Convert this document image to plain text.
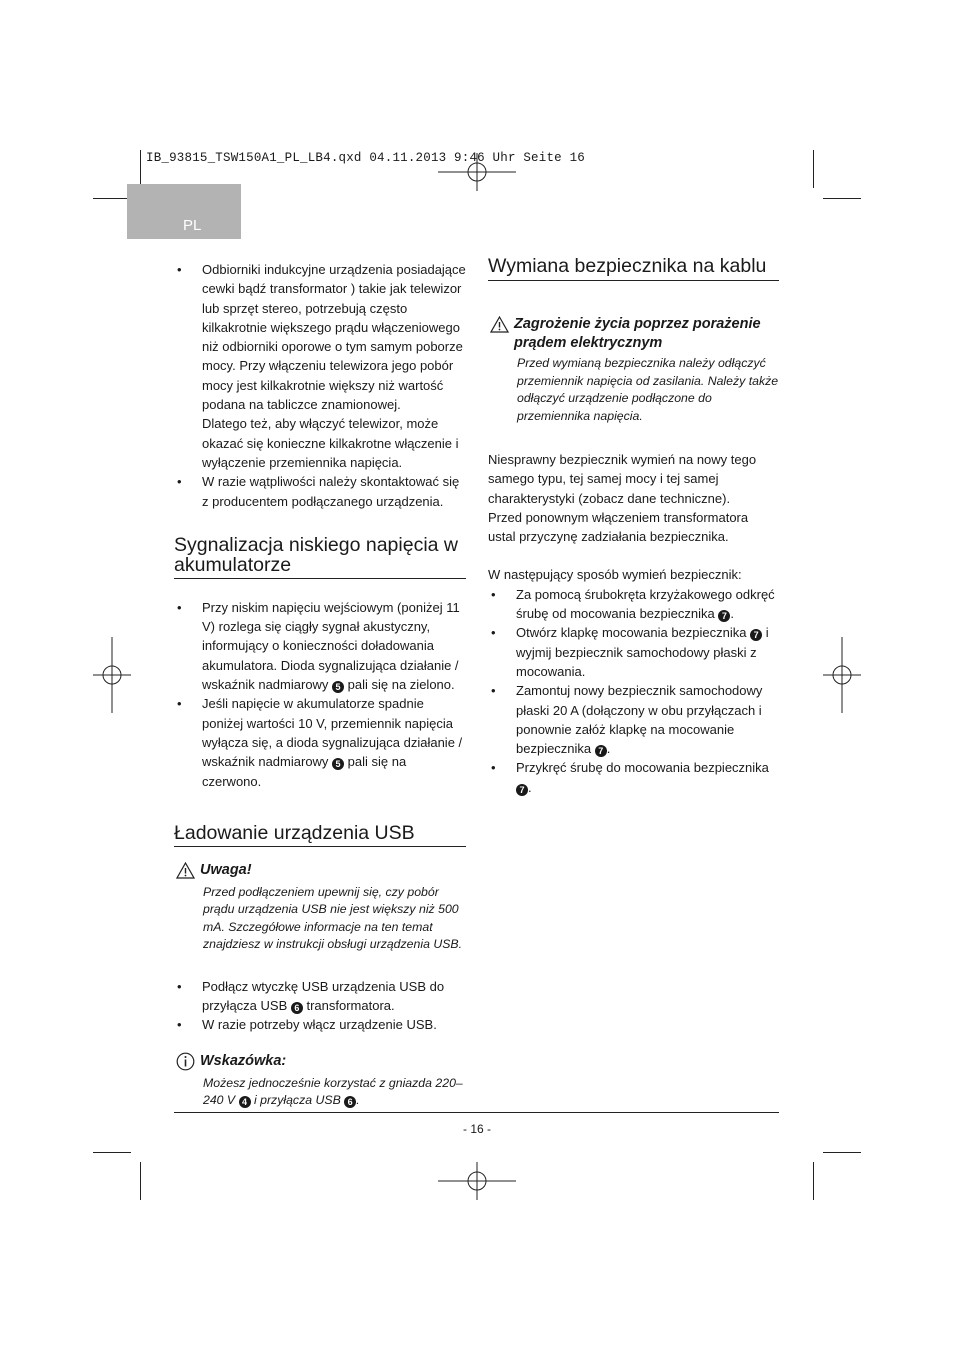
IB_93815_TSW150A1_PL_LB4.qxd 04.11.2013 9:46 Uhr Seite 16
PL
• Odbiorniki indukcyjne urządzenia posiadające cewki bądź transformator ) takie jak telewizor lub sprzęt stereo, potrzebują często kilkakrotnie większego prądu włączeniowego niż odbiorniki oporowe o tym samym poborze mocy. Przy włączeniu telewizora jego pobór mocy jest kilkakrotnie większy niż wartość podana na tabliczce znamionowej.

Dlatego też, aby włączyć telewizor, może okazać się konieczne kilkakrotne włączenie i wyłączenie przemiennika napięcia.

• W razie wątpliwości należy skontaktować się z producentem podłączanego urządzenia.
Sygnalizacja niskiego napięcia w akumulatorze
• Przy niskim napięciu wejściowym (poniżej 11 V) rozlega się ciągły sygnał akustyczny, informujący o konieczności doładowania akumulatora. Dioda sygnalizująca działanie / wskaźnik nadmiarowy 5 pali się na zielono.
• Jeśli napięcie w akumulatorze spadnie poniżej wartości 10 V, przemiennik napięcia wyłącza się, a dioda sygnalizująca działanie / wskaźnik nadmiarowy 5 pali się na czerwono.
Ładowanie urządzenia USB
Uwaga!

Przed podłączeniem upewnij się, czy pobór prądu urządzenia USB nie jest większy niż 500 mA. Szczegółowe informacje na ten temat znajdziesz w instrukcji obsługi urządzenia USB.

• Podłącz wtyczkę USB urządzenia USB do przyłącza USB 6 transformatora.
• W razie potrzeby włącz urządzenie USB.
Wskazówka:

Możesz jednocześnie korzystać z gniazda 220–240 V 4 i przyłącza USB 6 .

Wymiana bezpiecznika na kablu
Zagrożenie życia poprzez porażenie prądem elektrycznym

Przed wymianą bezpiecznika należy odłączyć przemiennik napięcia od zasilania. Należy także odłączyć urządzenie podłączone do przemiennika napięcia.

Niesprawny bezpiecznik wymień na nowy tego samego typu, tej samej mocy i tej samej charakterystyki (zobacz dane techniczne).

Przed ponownym włączeniem transformatora ustal przyczynę zadziałania bezpiecznika.

W następujący sposób wymień bezpiecznik:

• Za pomocą śrubokręta krzyżakowego odkręć śrubę od mocowania bezpiecznika 7 .
• Otwórz klapkę mocowania bezpiecznika 7 i wyjmij bezpiecznik samochodowy płaski z mocowania.
• Zamontuj nowy bezpiecznik samochodowy płaski 20 A (dołączony w obu przyłączach i ponownie załóż klapkę na mocowanie bezpiecznika 7 .
• Przykręć śrubę do mocowania bezpiecznika 7 .
- 16 -
